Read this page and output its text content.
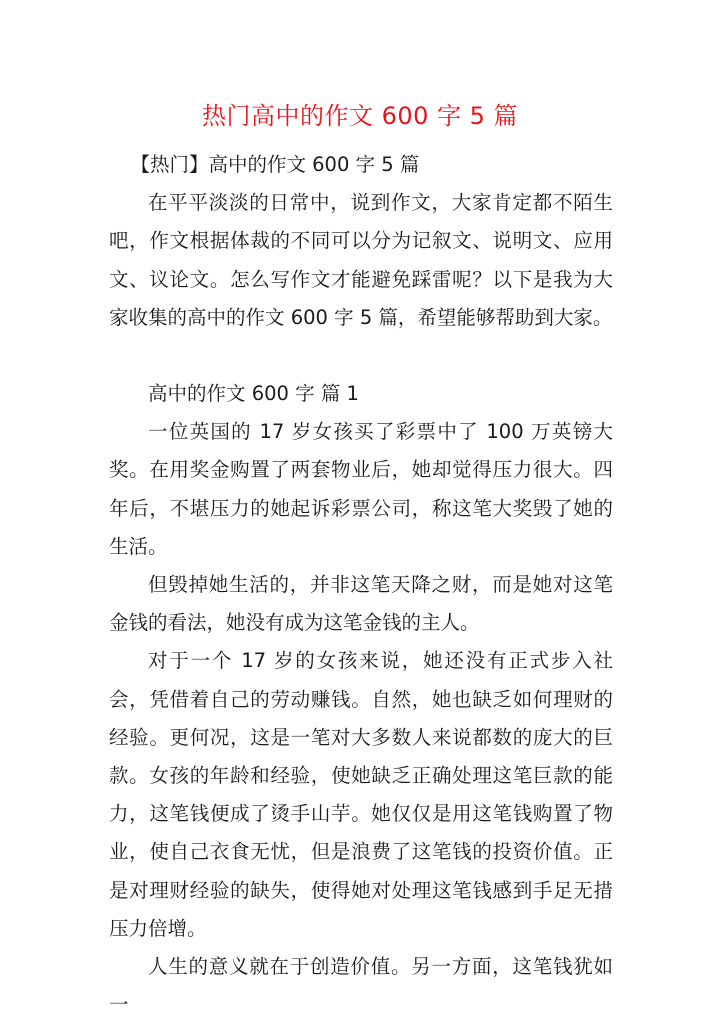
热门高中的作文 600 字 5 篇

【热门】高中的作文 600 字 5 篇

在平平淡淡的日常中，说到作文，大家肯定都不陌生吧，作文根据体裁的不同可以分为记叙文、说明文、应用文、议论文。怎么写作文才能避免踩雷呢？以下是我为大家收集的高中的作文 600 字 5 篇，希望能够帮助到大家。

高中的作文 600 字 篇 1

一位英国的 17 岁女孩买了彩票中了 100 万英镑大奖。在用奖金购置了两套物业后，她却觉得压力很大。四年后，不堪压力的她起诉彩票公司，称这笔大奖毁了她的生活。

但毁掉她生活的，并非这笔天降之财，而是她对这笔金钱的看法，她没有成为这笔金钱的主人。

对于一个 17 岁的女孩来说，她还没有正式步入社会，凭借着自己的劳动赚钱。自然，她也缺乏如何理财的经验。更何况，这是一笔对大多数人来说都数的庞大的巨款。女孩的年龄和经验，使她缺乏正确处理这笔巨款的能力，这笔钱便成了烫手山芋。她仅仅是用这笔钱购置了物业，使自己衣食无忧，但是浪费了这笔钱的投资价值。正是对理财经验的缺失，使得她对处理这笔钱感到手足无措压力倍增。

人生的意义就在于创造价值。另一方面，这笔钱犹如一
